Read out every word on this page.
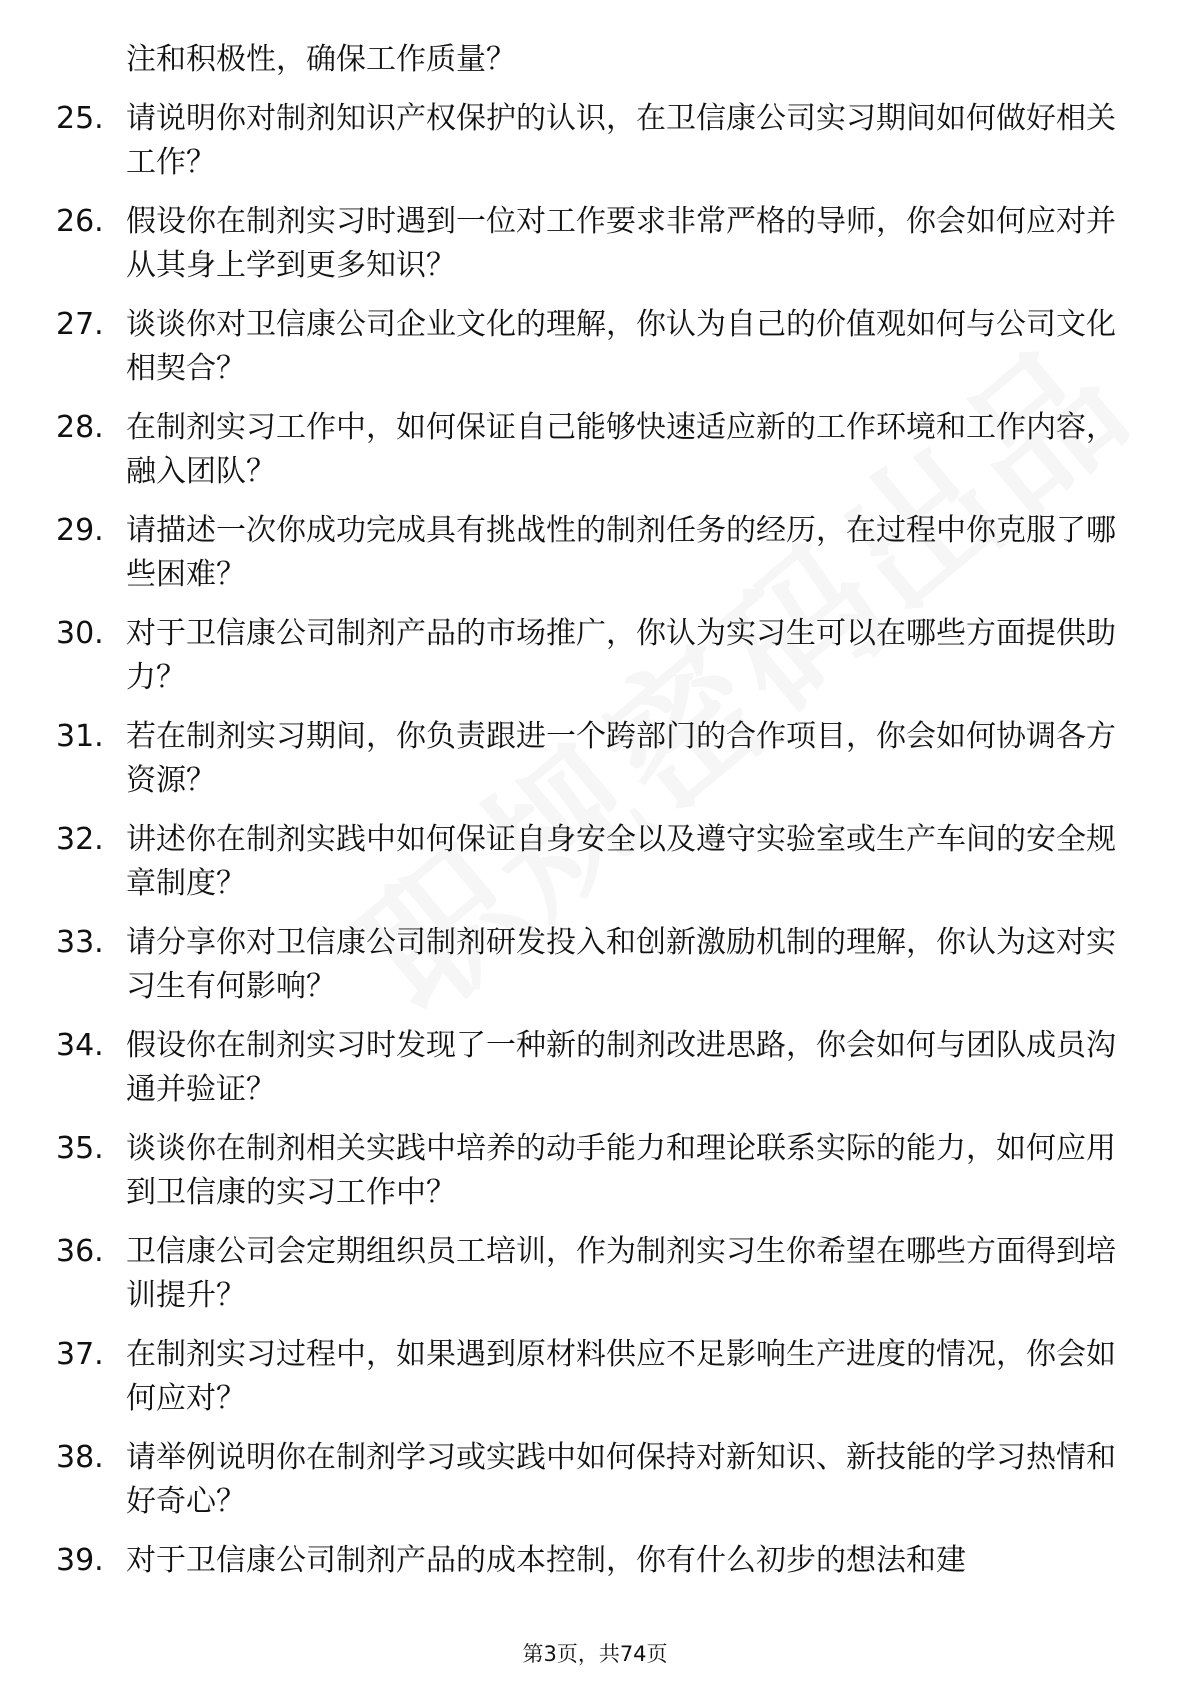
注和积极性，确保工作质量？
25. 请说明你对制剂知识产权保护的认识，在卫信康公司实习期间如何做好相关工作？
26. 假设你在制剂实习时遇到一位对工作要求非常严格的导师，你会如何应对并从其身上学到更多知识？
27. 谈谈你对卫信康公司企业文化的理解，你认为自己的价值观如何与公司文化相契合？
28. 在制剂实习工作中，如何保证自己能够快速适应新的工作环境和工作内容，融入团队？
29. 请描述一次你成功完成具有挑战性的制剂任务的经历，在过程中你克服了哪些困难？
30. 对于卫信康公司制剂产品的市场推广，你认为实习生可以在哪些方面提供助力？
31. 若在制剂实习期间，你负责跟进一个跨部门的合作项目，你会如何协调各方资源？
32. 讲述你在制剂实践中如何保证自身安全以及遵守实验室或生产车间的安全规章制度？
33. 请分享你对卫信康公司制剂研发投入和创新激励机制的理解，你认为这对实习生有何影响？
34. 假设你在制剂实习时发现了一种新的制剂改进思路，你会如何与团队成员沟通并验证？
35. 谈谈你在制剂相关实践中培养的动手能力和理论联系实际的能力，如何应用到卫信康的实习工作中？
36. 卫信康公司会定期组织员工培训，作为制剂实习生你希望在哪些方面得到培训提升？
37. 在制剂实习过程中，如果遇到原材料供应不足影响生产进度的情况，你会如何应对？
38. 请举例说明你在制剂学习或实践中如何保持对新知识、新技能的学习热情和好奇心？
39. 对于卫信康公司制剂产品的成本控制，你有什么初步的想法和建
第3页，共74页
